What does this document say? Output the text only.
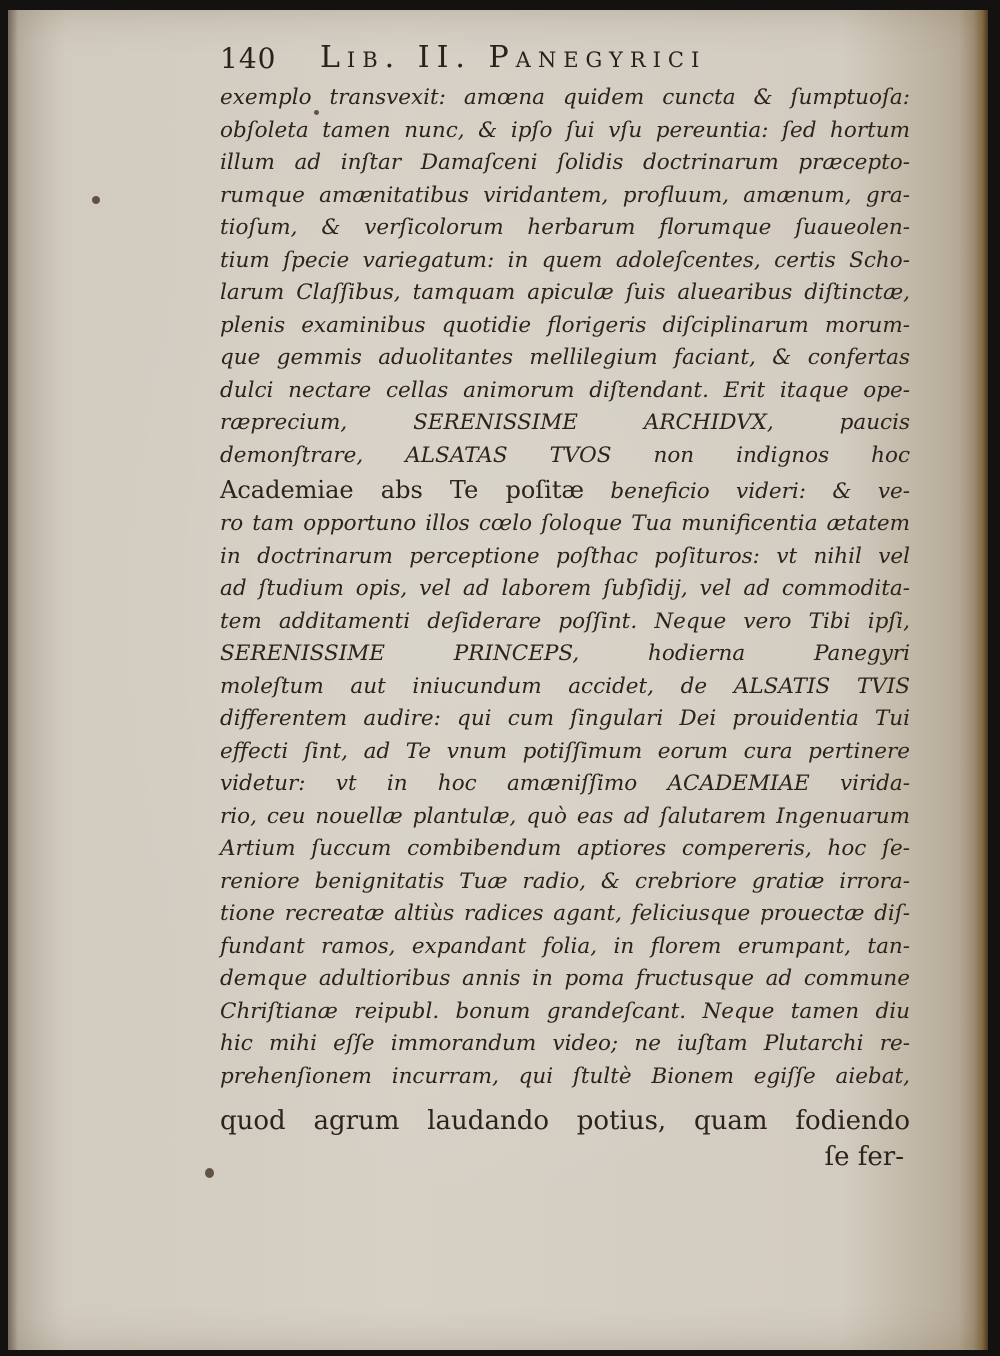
140 Lib. II. Panegyrici
exemplo transvexit: amœna quidem cuncta & ſumptuoſa:
obſoleta tamen nunc, & ipſo ſui vſu pereuntia: ſed hortum
illum ad inſtar Damaſceni ſolidis doctrinarum præcepto-
rumque amænitatibus viridantem, profluum, amænum, gra-
tioſum, & verſicolorum herbarum florumque ſuaueolen-
tium ſpecie variegatum: in quem adoleſcentes, certis Scho-
larum Claſſibus, tamquam apiculæ ſuis aluearibus diſtinctæ,
plenis examinibus quotidie florigeris diſciplinarum morum-
que gemmis aduolitantes mellilegium faciant, & confertas
dulci nectare cellas animorum diſtendant. Erit itaque ope-
ræprecium, SERENISSIME ARCHIDVX, paucis
demonſtrare, ALSATAS TVOS non indignos hoc
Academiae abs Te poſitæ beneficio videri: & ve-
ro tam opportuno illos cœlo ſoloque Tua munificentia ætatem
in doctrinarum perceptione poſthac poſituros: vt nihil vel
ad ſtudium opis, vel ad laborem ſubſidij, vel ad commodita-
tem additamenti deſiderare poſſint. Neque vero Tibi ipſi,
SERENISSIME PRINCEPS, hodierna Panegyri
moleſtum aut iniucundum accidet, de ALSATIS TVIS
differentem audire: qui cum ſingulari Dei prouidentia Tui
effecti ſint, ad Te vnum potiſſimum eorum cura pertinere
videtur: vt in hoc amæniſſimo ACADEMIAE virida-
rio, ceu nouellæ plantulæ, quò eas ad ſalutarem Ingenuarum
Artium ſuccum combibendum aptiores compereris, hoc ſe-
reniore benignitatis Tuæ radio, & crebriore gratiæ irrora-
tione recreatæ altiùs radices agant, feliciusque prouectæ diſ-
fundant ramos, expandant folia, in florem erumpant, tan-
demque adultioribus annis in poma fructusque ad commune
Chriſtianæ reipubl. bonum grandeſcant. Neque tamen diu
hic mihi eſſe immorandum video; ne iuſtam Plutarchi re-
prehenſionem incurram, qui ſtultè Bionem egiſſe aiebat,
quod agrum laudando potius, quam fodiendo
ſe fer-
